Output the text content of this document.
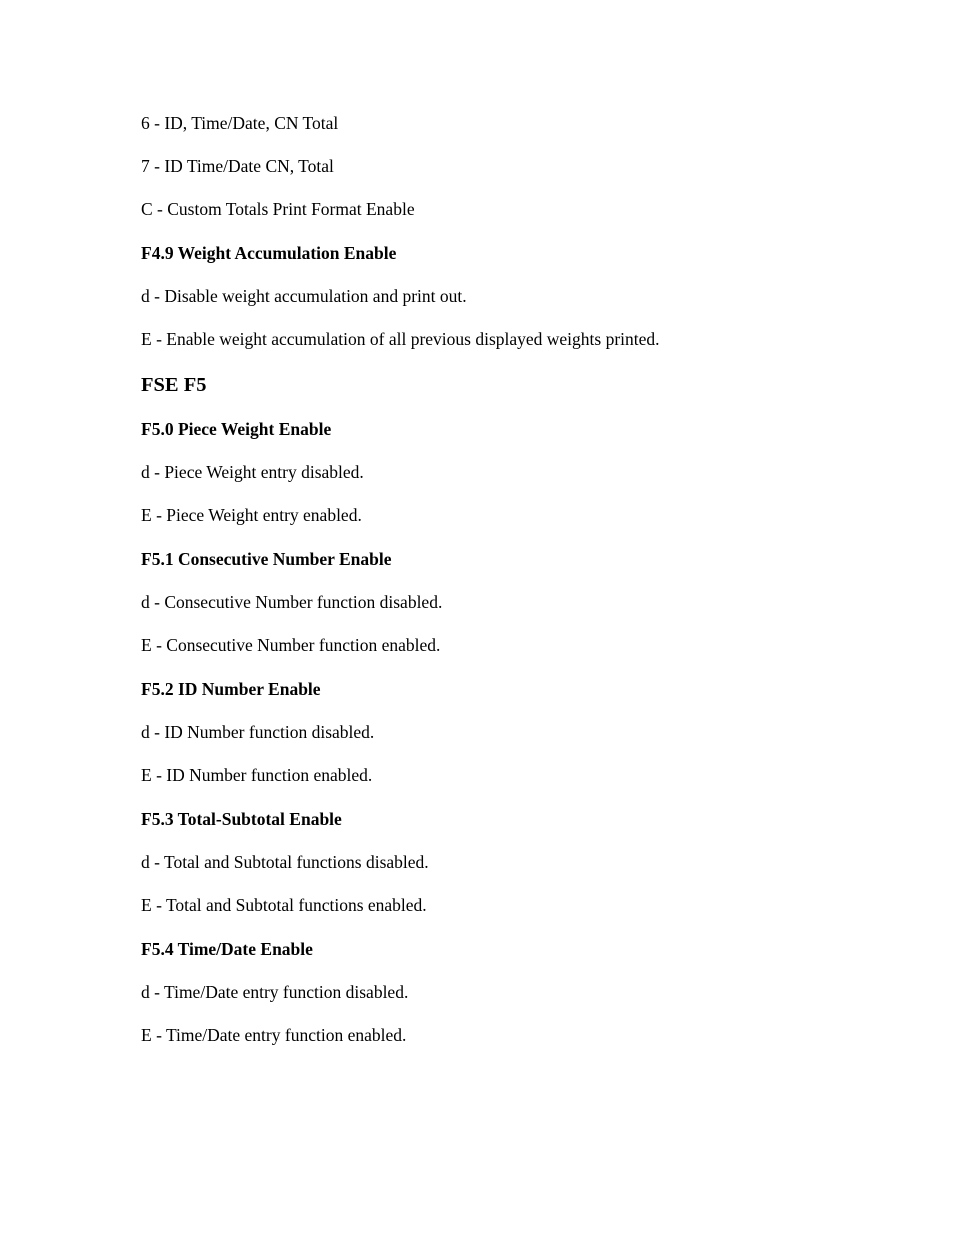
6 - ID, Time/Date, CN Total
7 - ID Time/Date CN, Total
C - Custom Totals Print Format Enable
F4.9 Weight Accumulation Enable
d - Disable weight accumulation and print out.
E - Enable weight accumulation of all previous displayed weights printed.
FSE F5
F5.0 Piece Weight Enable
d - Piece Weight entry disabled.
E - Piece Weight entry enabled.
F5.1 Consecutive Number Enable
d - Consecutive Number function disabled.
E - Consecutive Number function enabled.
F5.2 ID Number Enable
d - ID Number function disabled.
E - ID Number function enabled.
F5.3 Total-Subtotal Enable
d - Total and Subtotal functions disabled.
E - Total and Subtotal functions enabled.
F5.4 Time/Date Enable
d - Time/Date entry function disabled.
E - Time/Date entry function enabled.
